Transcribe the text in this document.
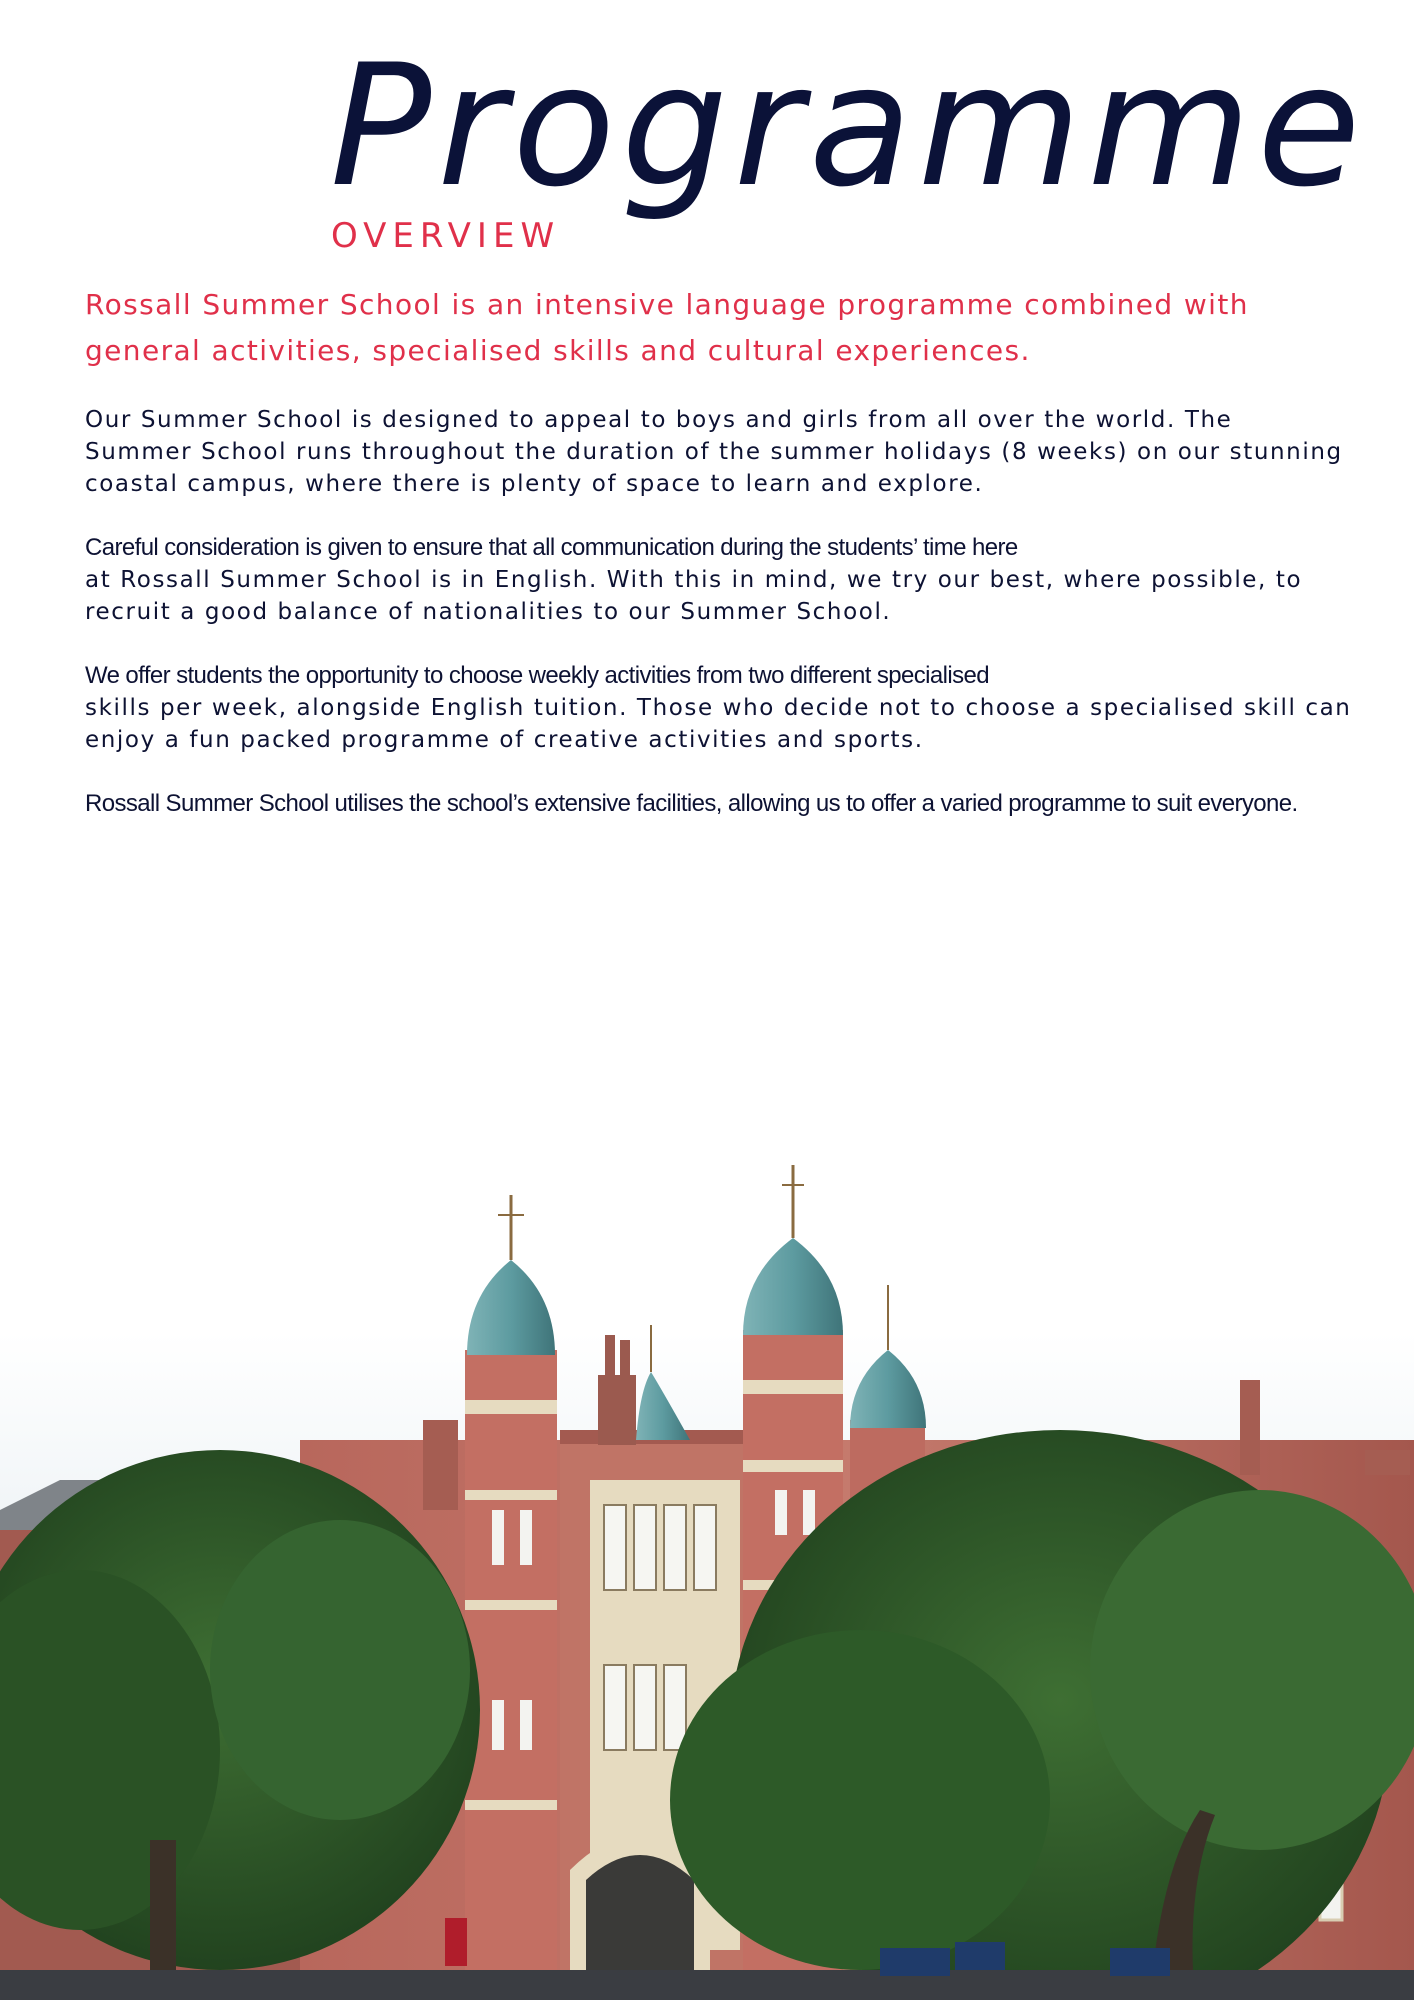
Programme
OVERVIEW
Rossall Summer School is an intensive language programme combined with general activities, specialised skills and cultural experiences.
Our Summer School is designed to appeal to boys and girls from all over the world. The
Summer School runs throughout the duration of the summer holidays (8 weeks) on our stunning
coastal campus, where there is plenty of space to learn and explore.
Careful consideration is given to ensure that all communication during the students’ time here
at Rossall Summer School is in English. With this in mind, we try our best, where possible, to
recruit a good balance of nationalities to our Summer School.
We offer students the opportunity to choose weekly activities from two different specialised
skills per week, alongside English tuition. Those who decide not to choose a specialised skill can
enjoy a fun packed programme of creative activities and sports.
Rossall Summer School utilises the school’s extensive facilities, allowing us to offer a varied programme to suit everyone.
